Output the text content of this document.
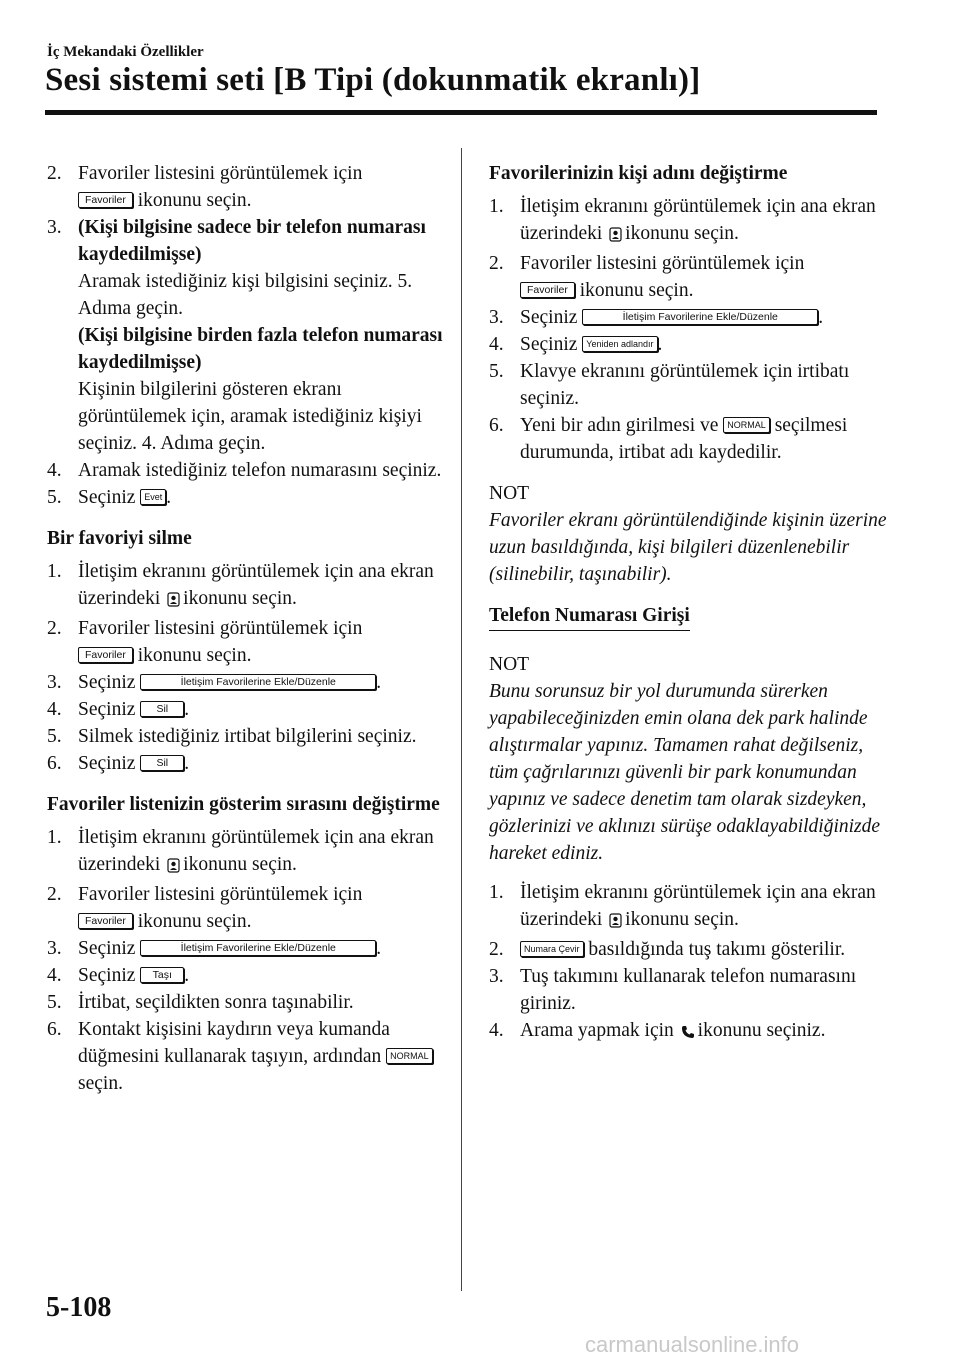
İç Mekandaki Özellikler
Sesi sistemi seti [B Tipi (dokunmatik ekranlı)]
2. Favoriler listesini görüntülemek için
Favoriler ikonunu seçin.
3. (Kişi bilgisine sadece bir telefon numarası kaydedilmişse)
Aramak istediğiniz kişi bilgisini seçiniz. 5. Adıma geçin.
(Kişi bilgisine birden fazla telefon numarası kaydedilmişse)
Kişinin bilgilerini gösteren ekranı görüntülemek için, aramak istediğiniz kişiyi seçiniz. 4. Adıma geçin.
4. Aramak istediğiniz telefon numarasını seçiniz.
5. Seçiniz Evet .
Bir favoriyi silme
1. İletişim ekranını görüntülemek için ana ekran üzerindeki ikonunu seçin.
2. Favoriler listesini görüntülemek için
Favoriler ikonunu seçin.
3. Seçiniz	İletişim Favorilerine Ekle/Düzenle .
4. Seçiniz Sil .
5. Silmek istediğiniz irtibat bilgilerini seçiniz.
6. Seçiniz Sil .
Favoriler listenizin gösterim sırasını değiştirme
1. İletişim ekranını görüntülemek için ana ekran üzerindeki ikonunu seçin.
2. Favoriler listesini görüntülemek için
Favoriler ikonunu seçin.
3. Seçiniz	İletişim Favorilerine Ekle/Düzenle .
4. Seçiniz Taşı .
5. İrtibat, seçildikten sonra taşınabilir.
6. Kontakt kişisini kaydırın veya kumanda düğmesini kullanarak taşıyın, ardından NORMAL seçin.
Favorilerinizin kişi adını değiştirme
1. İletişim ekranını görüntülemek için ana ekran üzerindeki ikonunu seçin.
2. Favoriler listesini görüntülemek için
Favoriler ikonunu seçin.
3. Seçiniz	İletişim Favorilerine Ekle/Düzenle .
4. Seçiniz Yeniden adlandır .
5. Klavye ekranını görüntülemek için irtibatı seçiniz.
6. Yeni bir adın girilmesi ve NORMAL seçilmesi durumunda, irtibat adı kaydedilir.
NOT
Favoriler ekranı görüntülendiğinde kişinin üzerine uzun basıldığında, kişi bilgileri düzenlenebilir (silinebilir, taşınabilir).
Telefon Numarası Girişi
NOT
Bunu sorunsuz bir yol durumunda sürerken yapabileceğinizden emin olana dek park halinde alıştırmalar yapınız. Tamamen rahat değilseniz, tüm çağrılarınızı güvenli bir park konumundan yapınız ve sadece denetim tam olarak sizdeyken, gözlerinizi ve aklınızı sürüşe odaklayabildiğinizde hareket ediniz.
1. İletişim ekranını görüntülemek için ana ekran üzerindeki ikonunu seçin.
2.	Numara Çevir basıldığında tuş takımı gösterilir.
3. Tuş takımını kullanarak telefon numarasını giriniz.
4. Arama yapmak için ikonunu seçiniz.
5-108
carmanualsonline.info
